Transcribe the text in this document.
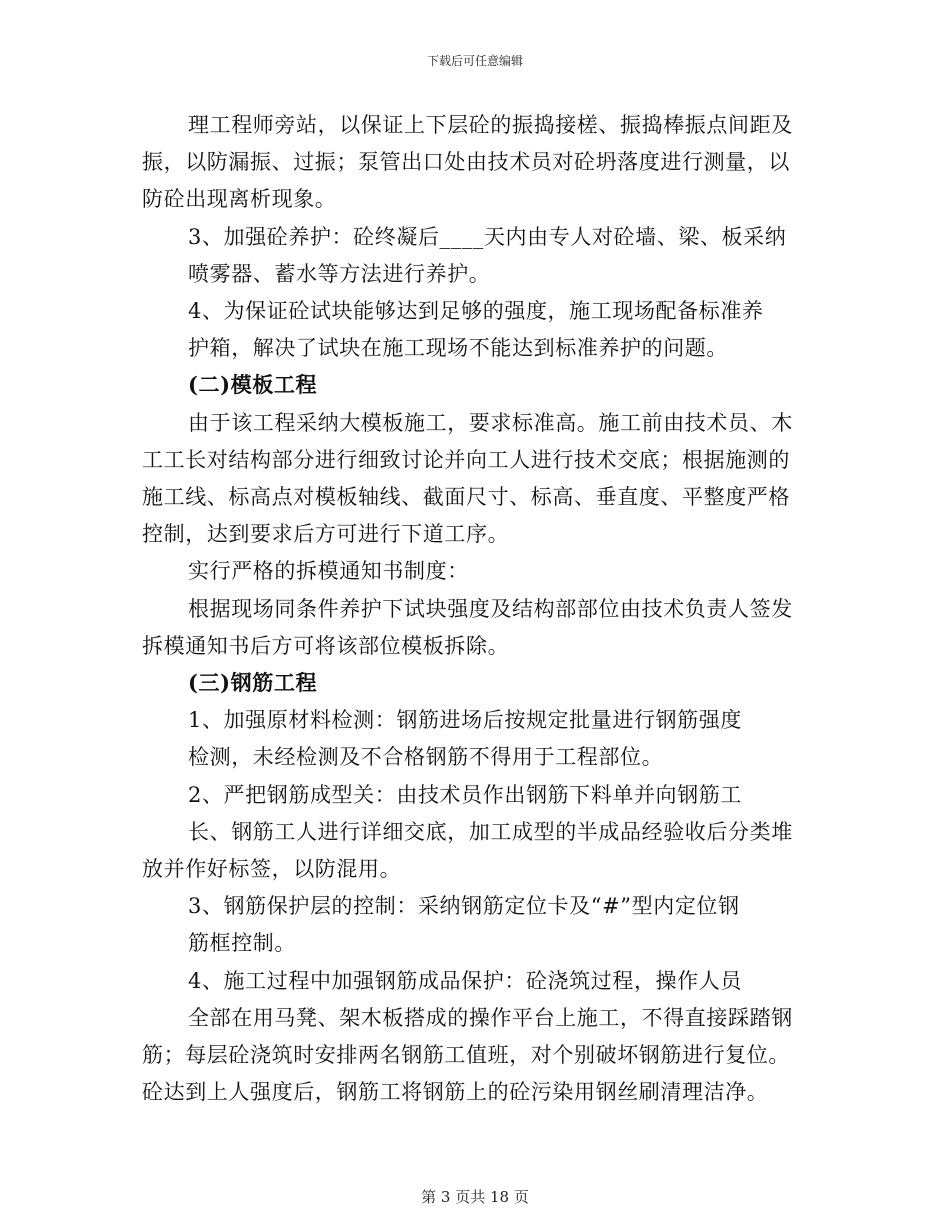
下载后可任意编辑
理工程师旁站，以保证上下层砼的振捣接槎、振捣棒振点间距及
振，以防漏振、过振；泵管出口处由技术员对砼坍落度进行测量，以
防砼出现离析现象。
3、加强砼养护：砼终凝后____天内由专人对砼墙、梁、板采纳
喷雾器、蓄水等方法进行养护。
4、为保证砼试块能够达到足够的强度，施工现场配备标准养
护箱，解决了试块在施工现场不能达到标准养护的问题。
(二)模板工程
由于该工程采纳大模板施工，要求标准高。施工前由技术员、木
工工长对结构部分进行细致讨论并向工人进行技术交底；根据施测的
施工线、标高点对模板轴线、截面尺寸、标高、垂直度、平整度严格
控制，达到要求后方可进行下道工序。
实行严格的拆模通知书制度：
根据现场同条件养护下试块强度及结构部部位由技术负责人签发
拆模通知书后方可将该部位模板拆除。
(三)钢筋工程
1、加强原材料检测：钢筋进场后按规定批量进行钢筋强度
检测，未经检测及不合格钢筋不得用于工程部位。
2、严把钢筋成型关：由技术员作出钢筋下料单并向钢筋工
长、钢筋工人进行详细交底，加工成型的半成品经验收后分类堆
放并作好标签，以防混用。
3、钢筋保护层的控制：采纳钢筋定位卡及“#”型内定位钢
筋框控制。
4、施工过程中加强钢筋成品保护：砼浇筑过程，操作人员
全部在用马凳、架木板搭成的操作平台上施工，不得直接踩踏钢
筋；每层砼浇筑时安排两名钢筋工值班，对个别破坏钢筋进行复位。
砼达到上人强度后，钢筋工将钢筋上的砼污染用钢丝刷清理洁净。
第 3 页共 18 页
